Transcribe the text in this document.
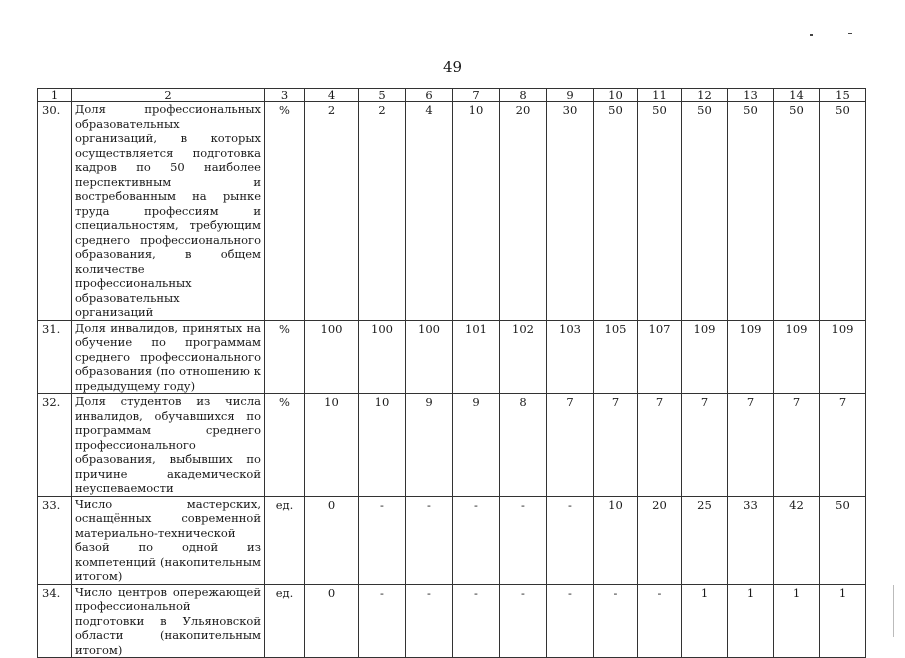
49
1	2	3	4	5	6	7	8	9	10	11	12	13	14	15
30.	Доля профессиональных образовательных организаций, в которых осуществляется подготовка кадров по 50 наиболее перспективным и востребованным на рынке труда профессиям и специальностям, требующим среднего профессионального образования, в общем количестве профессиональных образовательных организаций	%	2	2	4	10	20	30	50	50	50	50	50	50
31.	Доля инвалидов, принятых на обучение по программам среднего профессионального образования (по отношению к предыдущему году)	%	100	100	100	101	102	103	105	107	109	109	109	109
32.	Доля студентов из числа инвалидов, обучавшихся по программам среднего профессионального образования, выбывших по причине академической неуспеваемости	%	10	10	9	9	8	7	7	7	7	7	7	7
33.	Число мастерских, оснащённых современной материально-технической базой по одной из компетенций (накопительным итогом)	ед.	0	-	-	-	-	-	10	20	25	33	42	50
34.	Число центров опережающей профессиональной подготовки в Ульяновской области (накопительным итогом)	ед.	0	-	-	-	-	-	-	-	1	1	1	1
